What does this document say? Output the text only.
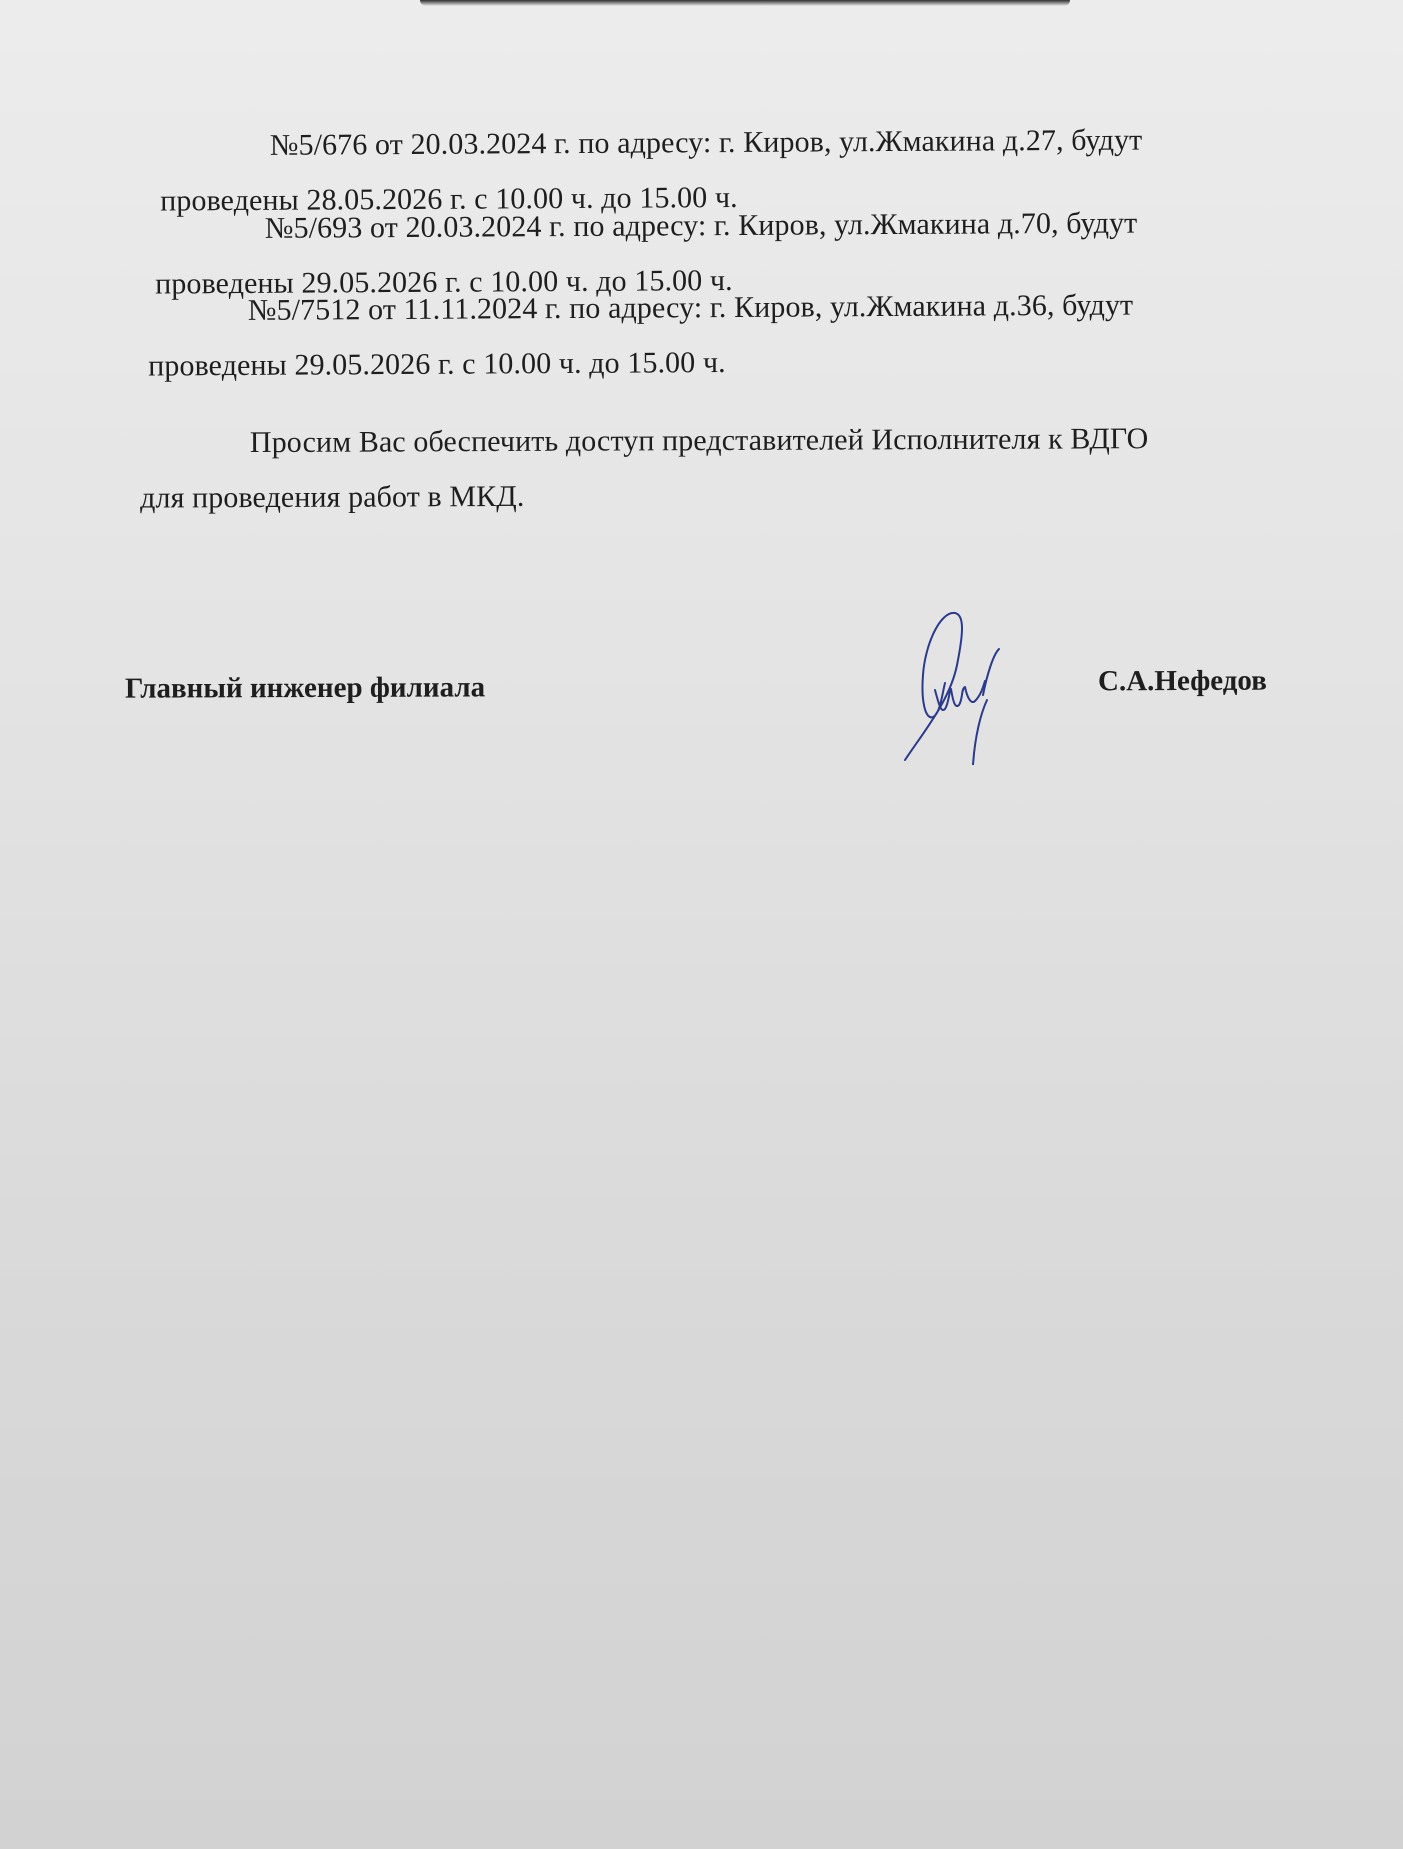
№5/676 от 20.03.2024 г. по адресу: г. Киров, ул.Жмакина д.27, будут
проведены 28.05.2026 г. с 10.00 ч. до 15.00 ч.

№5/693 от 20.03.2024 г. по адресу: г. Киров, ул.Жмакина д.70, будут
проведены 29.05.2026 г. с 10.00 ч. до 15.00 ч.

№5/7512 от 11.11.2024 г. по адресу: г. Киров, ул.Жмакина д.36, будут
проведены 29.05.2026 г. с 10.00 ч. до 15.00 ч.

Просим Вас обеспечить доступ представителей Исполнителя к ВДГО
для проведения работ в МКД.

Главный инженер филиала	С.А.Нефедов
